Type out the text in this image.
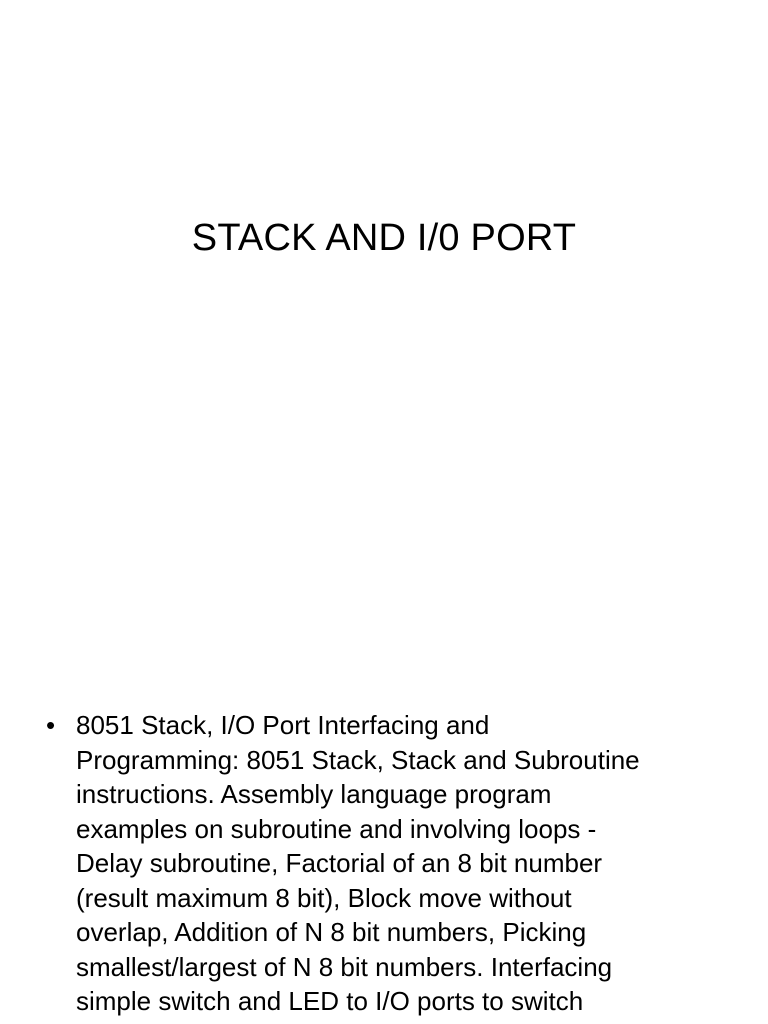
STACK AND I/0 PORT
• 8051 Stack, I/O Port Interfacing and
Programming: 8051 Stack, Stack and Subroutine
instructions. Assembly language program
examples on subroutine and involving loops -
Delay subroutine, Factorial of an 8 bit number
(result maximum 8 bit), Block move without
overlap, Addition of N 8 bit numbers, Picking
smallest/largest of N 8 bit numbers. Interfacing
simple switch and LED to I/O ports to switch
